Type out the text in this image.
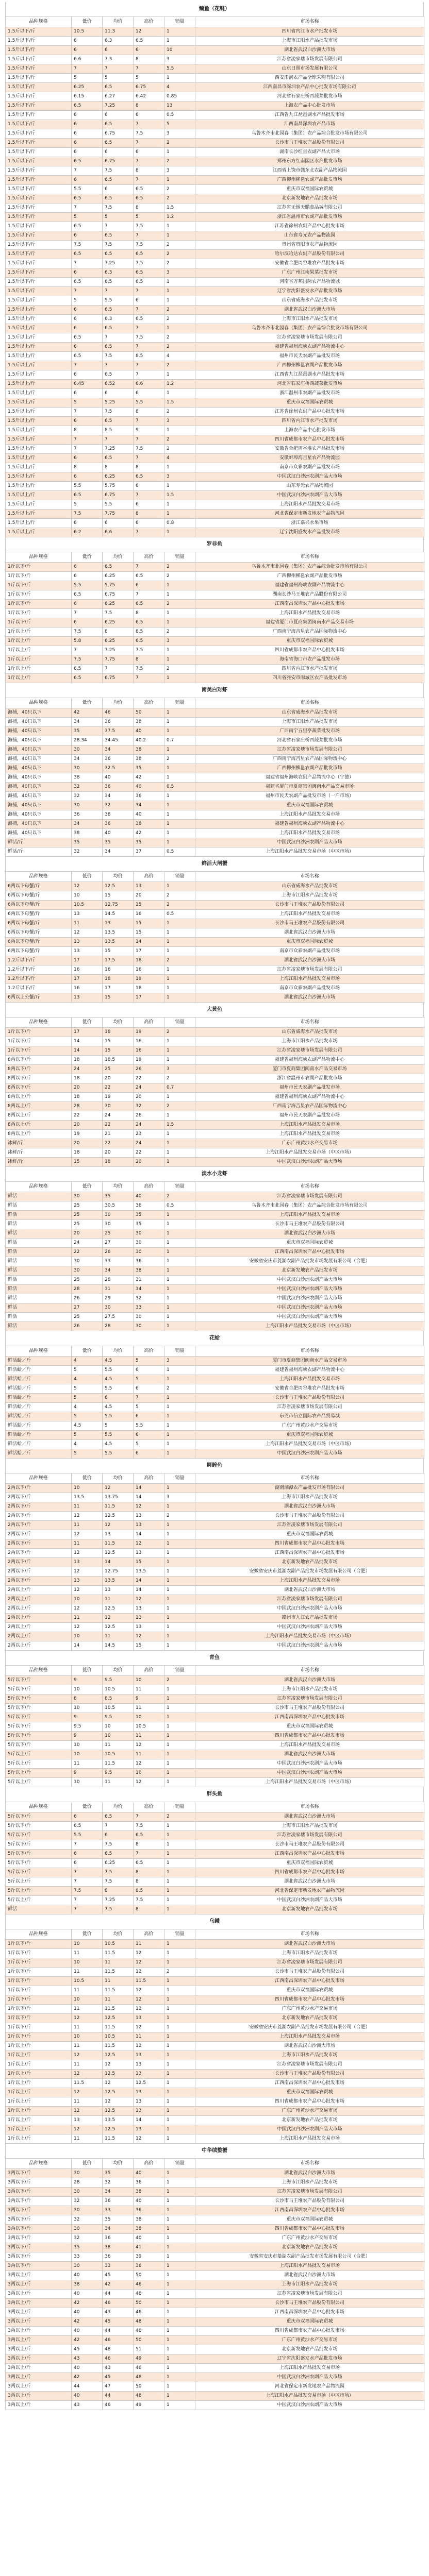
鳊鱼（花鲢）
品种规格	低价	均价	高价	销量	市场名称
1.5斤以下/斤	10.5	11.3	12	1	四川省内江市水产批发市场
1.5斤以下/斤	6	6.3	6.5	1	上海市江阳水产品批发市场
1.5斤以下/斤	6	6	6	10	湖北省武汉白沙洲大市场
1.5斤以下/斤	6.6	7.3	8	3	江苏省凌家塘市场发展有限公司
1.5斤以下/斤	7	7	7	5.5	山东日照市场发展有限公司
1.5斤以下/斤	5	5	5	1	西安雨润农产品全球采购有限公司
1.5斤以下/斤	6.25	6.5	6.75	4	江西南昌市深圳农产品中心批发市场有限公司
1.5斤以下/斤	6.15	6.27	6.42	0.85	河北省石家庄桥西蔬菜批发市场
1.5斤以下/斤	6.5	7.25	8	13	上海农产品中心批发市场
1.5斤以下/斤	6	6	6	0.5	江西省九江琵琶湖水产品批发市场
1.5斤以下/斤	6	6.5	7	5	江西南昌深圳农产品市场
1.5斤以下/斤	6	6.75	7.5	3	乌鲁木齐市北园春（集团）农产品综合批发市场有限公司
1.5斤以下/斤	6	6.5	7	2	长沙市马王堆农产品股份有限公司
1.5斤以下/斤	6	6	6	1	湖南长沙红星农副产品大市场
1.5斤以下/斤	6.5	6.75	7	2	郑州东方红南园区水产批发市场
1.5斤以下/斤	7	7.5	8	3	江西省上饶市赣东北农副产品物流园
1.5斤以下/斤	6	6.5	7	1	广西柳州柳邕农副产品批发市场
1.5斤以下/斤	5.5	6	6.5	2	重庆市双福国际农贸城
1.5斤以下/斤	6.5	6.5	6.5	2	北京新发地农产品批发市场
1.5斤以下/斤	7	7.5	8	1.5	江苏省无锡天鹏食品城有限公司
1.5斤以下/斤	5	5	5	1.2	浙江省温州市农副产品批发市场
1.5斤以下/斤	6.5	7	7.5	1	江苏省徐州农副产品中心批发市场
1.5斤以下/斤	6	6.5	7	1	山东省寿光农产品物流园
1.5斤以下/斤	7.5	7.5	7.5	2	贵州省贵阳市农产品物流园
1.5斤以下/斤	6.5	6.5	6.5	2	哈尔滨哈达农副产品股份有限公司
1.5斤以下/斤	7	7.25	7.5	2	安徽省合肥周谷堆农产品批发市场
1.5斤以下/斤	6	6.3	6.5	3	广东广州江南果菜批发市场
1.5斤以下/斤	6.5	6.5	6.5	1	河南省万邦国际农产品物流城
1.5斤以下/斤	7	7	7	1	辽宁省沈阳盛发水产品批发市场
1.5斤以上/斤	5	5.5	6	1	山东省威海水产品批发市场
1.5斤以上/斤	6	6.5	7	2	湖北省武汉白沙洲大市场
1.5斤以上/斤	6	6.3	6.5	2	上海市江阳水产品批发市场
1.5斤以上/斤	6	6.5	7	1	乌鲁木齐市北园春（集团）农产品综合批发市场有限公司
1.5斤以上/斤	6.5	7	7.5	2	江苏省凌家塘市场发展有限公司
1.5斤以上/斤	6	6.5	7	2	福建省福州海峡农副产品物流中心
1.5斤以上/斤	6.5	7.5	8.5	4	福州市民天农副产品批发市场
1.5斤以上/斤	7	7	7	2	广西柳州柳邕农副产品批发市场
1.5斤以上/斤	6	6.5	7	1	江西省九江琵琶湖水产品批发市场
1.5斤以上/斤	6.45	6.52	6.6	1.2	河北省石家庄桥西蔬菜批发市场
1.5斤以上/斤	6	6	6	1	浙江温州市农副产品批发市场
1.5斤以上/斤	5	5.25	5.5	1.5	重庆市双福国际农贸城
1.5斤以上/斤	7	7.5	8	2	江苏省徐州农副产品中心批发市场
1.5斤以上/斤	6	6.5	7	3	四川省内江市水产批发市场
1.5斤以上/斤	8	8.5	9	1	上海农产品中心批发市场
1.5斤以上/斤	7	7	7	2	四川省成都市农产品中心批发市场
1.5斤以上/斤	7	7.25	7.5	2	安徽省合肥周谷堆农产品批发市场
1.5斤以上/斤	6	6.5	7	4	安徽蚌埠海吉星农产品物流园
1.5斤以上/斤	8	8	8	1	南京市众彩农副产品批发市场
1.5斤以上/斤	6	6.25	6.5	3	中国武汉白沙洲农副产品大市场
1.5斤以上/斤	5.5	5.75	6	1	山东寿光农产品物流园
1.5斤以上/斤	6.5	6.75	7	1.5	中国武汉白沙洲农副产品大市场
1.5斤以上/斤	5	5.5	6	1	上海江阳水产品批发交易市场
1.5斤以上/斤	7.5	7.75	8	1	河北省保定市新发地农产品物流园
1.5斤以上/斤	6	6	6	0.8	浙江嘉兴水果市场
1.5斤以上/斤	6.2	6.6	7	1	辽宁沈阳盛发水产品批发市场
罗非鱼
品种规格	低价	均价	高价	销量	市场名称
1斤以下/斤	6	6.5	7	2	乌鲁木齐市北园春（集团）农产品综合批发市场有限公司
1斤以下/斤	6	6.25	6.5	2	广西柳州柳邕农副产品批发市场
1斤以下/斤	5.5	5.75	6	1	福建省福州海峡农副产品物流中心
1斤以下/斤	6.5	6.75	7	1	湖南长沙马王堆农产品股份有限公司
1斤以下/斤	6	6.25	6.5	2	江西南昌深圳农产品中心批发市场
1斤以下/斤	7	7.5	8	1	上海江阳水产品批发交易市场
1斤以下/斤	6	6.25	6.5	1	福建省厦门市夏商集团闽南水产品交易市场
1斤以上/斤	7.5	8	8.5	2	广西南宁海吉星农产品国际物流中心
1斤以上/斤	5.8	6.25	6.5	3	重庆市双福国际农贸城
1斤以上/斤	7	7.25	7.5	1	四川省成都市农产品中心批发市场
1斤以上/斤	7.5	7.75	8	1	海南省海口市农产品批发市场
1斤以上/斤	6.5	7	7.5	2	四川省内江市水产批发市场
1斤以上/斤	6.5	6.75	7	1	四川省雅安市雨城区农产品批发市场
南美白对虾
品种规格	低价	均价	高价	销量	市场名称
海捕，40只以下	42	46	50	1	山东省威海水产品批发市场
海捕，40只以下	34	36	38	1	上海市江阳水产品批发市场
海捕，40只以下	35	37.5	40	1	广西南宁五里亭蔬菜批发市场
海捕，40只以下	28.34	34.45	40.2	0.7	河北省石家庄桥西蔬菜批发市场
海捕，40只以下	30	34	38	1	江苏省凌家塘市场发展有限公司
海捕，40只以下	34	36	38	2	广西南宁海吉星农产品国际物流中心
海捕，40只以下	30	32.5	35	1	广西柳州柳邕农副产品批发市场
海捕，40只以下	38	40	42	1	福建省福州海峡农副产品物流中心（宁德）
海捕，40只以下	32	36	40	0.5	福建省厦门市夏商集团闽南水产品交易市场
海捕，40只以下	32	34	36	1	福州市民天农副产品批发市场（一户市场）
海捕，40只以下	30	32	34	1	重庆市双福国际农贸城
海捕，40只以下	36	38	40	1	上海江阳水产品批发交易市场
海捕，40只以下	34	36	38	1	福建省福州海峡农副产品物流中心
海捕，40只以下	38	40	42	1	上海江阳水产品批发交易市场
鲜活/斤	35	35	35	1	中国武汉白沙洲农副产品大市场
鲜活/斤	32	34	37	0.5	上海江阳水产品批发交易市场（中区市场）
鲜活大闸蟹
品种规格	低价	均价	高价	销量	市场名称
6两以下母蟹/斤	12	12.5	13	1	山东省威海水产品批发市场
6两以下母蟹/斤	10	15	20	2	上海市江阳水产品批发市场
6两以下母蟹/斤	10.5	12.75	15	2	长沙市马王堆农产品股份有限公司
6两以下母蟹/斤	13	14.5	16	0.5	上海江阳水产品批发交易市场
6两以下母蟹/斤	11	13	15	1	长沙市马王堆农产品股份有限公司
6两以下母蟹/斤	12	13.5	15	1	湖北省武汉白沙洲大市场
6两以下母蟹/斤	13	13.5	14	1	重庆市双福国际农贸城
6两以下母蟹/斤	13	15	17	1	南京市众彩农副产品批发市场
1.2斤以下/斤	17	17.5	18	2	湖北省武汉白沙洲大市场
1.2斤以下/斤	16	16	16	1	江苏省凌家塘市场发展有限公司
1.2斤以下/斤	17	18	19	1	上海江阳水产品批发交易市场
1.2斤以下/斤	16	17	18	1	南京市众彩农副产品批发市场
6两以上公蟹/斤	13	15	17	1	湖北省武汉白沙洲大市场
大黄鱼
品种规格	低价	均价	高价	销量	市场名称
1斤以下/斤	17	18	19	2	山东省威海水产品批发市场
1斤以下/斤	14	15	16	1	上海市江阳水产品批发市场
1斤以下/斤	14	15	16	1	江苏省凌家塘市场发展有限公司
8两以下/斤	18	18.5	19	1	福建省福州海峡农副产品物流中心
8两以下/斤	24	25	26	3	厦门市夏商集团闽南水产品交易市场
8两以下/斤	18	20	22	2	浙江省温州市农副产品批发市场
8两以下/斤	20	22	24	0.7	福州市民天农副产品批发市场
8两以上/斤	18	19	20	1	福建省福州海峡农副产品物流中心
8两以上/斤	28	30	32	2	广西南宁海吉星农产品国际物流中心
8两以上/斤	22	24	26	1	福州市民天农副产品批发市场
8两以上/斤	20	22	24	1.5	上海江阳水产品批发交易市场
8两以上/斤	19	21	23	1	上海江阳水产品批发交易市场
冰鲜/斤	20	22	24	1	广东广州黄沙水产交易市场
冰鲜/斤	18	20	22	1	上海江阳水产品批发交易市场（中区市场）
冰鲜/斤	15	18	20	1	中国武汉白沙洲农副产品大市场
淡水小龙虾
品种规格	低价	均价	高价	销量	市场名称
鲜活	30	35	40	2	江苏省凌家塘市场发展有限公司
鲜活	25	30.5	36	0.5	乌鲁木齐市北园春（集团）农产品综合批发市场有限公司
鲜活	25	30	35	1	上海江阳水产品批发交易市场
鲜活	25	30	35	1	长沙市马王堆农产品股份有限公司
鲜活	20	25	30	1	湖北省武汉白沙洲大市场
鲜活	24	27	30	1	重庆市双福国际农贸城
鲜活	22	26	30	1	江西南昌深圳农产品中心批发市场
鲜活	30	33	36	1	安徽省安庆市菱湖农副产品批发市场发展有限公司（合肥）
鲜活	30	34	38	1	北京新发地农产品批发市场
鲜活	25	28	31	1	中国武汉白沙洲农副产品大市场
鲜活	28	31	34	1	中国武汉白沙洲农副产品大市场
鲜活	26	29	32	1	中国武汉白沙洲农副产品大市场
鲜活	27	30	33	1	中国武汉白沙洲农副产品大市场
鲜活	25	27.5	30	1	中国武汉白沙洲农副产品大市场
鲜活	26	28	30	1	上海江阳水产品批发交易市场（中区市场）
花蛤
品种规格	低价	均价	高价	销量	市场名称
鲜活蛤／斤	4	4.5	5	3	厦门市夏商集团闽南水产品交易市场
鲜活蛤／斤	5	5.5	6	1	福建省福州海峡农副产品物流中心
鲜活蛤／斤	4	4.5	5	1	上海江阳水产品批发交易市场
鲜活蛤／斤	5	5.5	6	2	安徽省合肥周谷堆农产品批发市场
鲜活蛤／斤	5	6	7	1	长沙市马王堆农产品股份有限公司
鲜活蛤／斤	4	4.5	5	1	江苏省凌家塘市场发展有限公司
鲜活蛤／斤	5	5.5	6	1	东莞市信立国际农产品贸易城
鲜活蛤／斤	4.5	5	5.5	1	广东广州黄沙水产交易市场
鲜活蛤／斤	5	5.5	6	1	重庆市双福国际农贸城
鲜活蛤／斤	4	4.5	5	1	上海江阳水产品批发交易市场（中区市场）
鲜活蛤／斤	5	5.5	6	1	中国武汉白沙洲农副产品大市场
鲟鳇鱼
品种规格	低价	均价	高价	销量	市场名称
2两以下/斤	10	12	14	1	湖南湘潭农产品批发市场有限公司
2两以下/斤	13.5	13.75	14	3	上海市江阳水产品批发市场
2两以下/斤	11	11.5	12	1	湖北省武汉白沙洲大市场
2两以下/斤	12	12.5	13	2	长沙市马王堆农产品股份有限公司
2两以下/斤	11	12	13	1	江苏省凌家塘市场发展有限公司
2两以下/斤	12	13	14	1	重庆市双福国际农贸城
2两以下/斤	11	11.5	12	1	四川省成都市农产品中心批发市场
2两以下/斤	12	12.5	13	1	江西南昌深圳农产品中心批发市场
2两以下/斤	13	14	15	1	北京新发地农产品批发市场
2两以下/斤	12	12.75	13.5	1	安徽省安庆市菱湖农副产品批发市场发展有限公司（合肥）
2两以下/斤	13	13.5	14	1	上海江阳水产品批发交易市场
2两以上/斤	12	13	14	1	湖北省武汉白沙洲大市场
2两以上/斤	10	11	12	1	江苏省凌家塘市场发展有限公司
2两以上/斤	12	12.5	13	1	中国武汉白沙洲农副产品大市场
2两以上/斤	11	12	13	1	赣州市九江农产品批发市场
2两以上/斤	12	12.5	13	1	中国武汉白沙洲农副产品大市场
2两以上/斤	10	11	12	1	上海江阳水产品批发交易市场（中区市场）
2两以上/斤	14	14.5	15	1	中国武汉白沙洲农副产品大市场
青鱼
品种规格	低价	均价	高价	销量	市场名称
5斤以下/斤	9	9.5	10	2	湖北省武汉白沙洲大市场
5斤以下/斤	10	10.5	11	1	上海市江阳水产品批发市场
5斤以下/斤	8	8.5	9	1	江苏省凌家塘市场发展有限公司
5斤以下/斤	10	10.5	11	1	长沙市马王堆农产品股份有限公司
5斤以下/斤	9	9.5	10	1	江西南昌深圳农产品中心批发市场
5斤以下/斤	9.5	10	10.5	1	重庆市双福国际农贸城
5斤以下/斤	9	10	11	1	四川省成都市农产品中心批发市场
5斤以下/斤	10	11	12	1	上海江阳水产品批发交易市场
5斤以上/斤	10	10.5	11	1	湖北省武汉白沙洲大市场
5斤以上/斤	11	11.5	12	1	中国武汉白沙洲农副产品大市场
5斤以上/斤	9	9.5	10	1	中国武汉白沙洲农副产品大市场
5斤以上/斤	10	11	12	1	上海江阳水产品批发交易市场（中区市场）
胖头鱼
品种规格	低价	均价	高价	销量	市场名称
5斤以下/斤	6	6.5	7	2	湖北省武汉白沙洲大市场
5斤以下/斤	6.5	7	7.5	1	上海市江阳水产品批发市场
5斤以下/斤	5.5	6	6.5	1	江苏省凌家塘市场发展有限公司
5斤以下/斤	7	7.5	8	1	长沙市马王堆农产品股份有限公司
5斤以下/斤	6	6.5	7	1	江西南昌深圳农产品中心批发市场
5斤以下/斤	6	6.25	6.5	1	重庆市双福国际农贸城
5斤以下/斤	7	7.5	8	1	四川省成都市农产品中心批发市场
5斤以上/斤	7	7.5	8	1	湖北省武汉白沙洲大市场
5斤以上/斤	7.5	8	8.5	1	河北省保定市新发地农产品物流园
5斤以上/斤	7	7.25	7.5	1	中国武汉白沙洲农副产品大市场
鲜活	7	7.5	8	1	北京新发地农产品批发市场
乌鳢
品种规格	低价	均价	高价	销量	市场名称
1斤以下/斤	10	10.5	11	1	湖北省武汉白沙洲大市场
1斤以下/斤	11	11.5	12	1	上海市江阳水产品批发市场
1斤以下/斤	10	11	12	1	江苏省凌家塘市场发展有限公司
1斤以下/斤	11	11.5	12	2	长沙市马王堆农产品股份有限公司
1斤以下/斤	10.5	11	11.5	1	江西南昌深圳农产品中心批发市场
1斤以下/斤	11	11.5	12	1	重庆市双福国际农贸城
1斤以下/斤	10	11	12	1	四川省成都市农产品中心批发市场
1斤以下/斤	11	11.5	12	1	广东广州黄沙水产交易市场
1斤以下/斤	12	12.5	13	1	北京新发地农产品批发市场
1斤以下/斤	11	11.5	12	1	安徽省安庆市菱湖农副产品批发市场发展有限公司（合肥）
1斤以下/斤	10	10.5	11	1	上海江阳水产品批发交易市场
1斤以上/斤	11	11.5	12	1	湖北省武汉白沙洲大市场
1斤以上/斤	12	12.5	13	1	上海市江阳水产品批发市场
1斤以上/斤	11	12	13	1	江苏省凌家塘市场发展有限公司
1斤以上/斤	12	12.5	13	1	长沙市马王堆农产品股份有限公司
1斤以上/斤	11.5	12	12.5	1	江西南昌深圳农产品中心批发市场
1斤以上/斤	12	12.5	13	1	重庆市双福国际农贸城
1斤以上/斤	11	12	13	1	四川省成都市农产品中心批发市场
1斤以上/斤	12	12.5	13	1	广东广州黄沙水产交易市场
1斤以上/斤	13	13.5	14	1	北京新发地农产品批发市场
1斤以上/斤	12	12.5	13	1	中国武汉白沙洲农副产品大市场
1斤以上/斤	11	11.5	12	1	上海江阳水产品批发交易市场
中华绒螯蟹
品种规格	低价	均价	高价	销量	市场名称
3两以下/斤	30	35	40	1	湖北省武汉白沙洲大市场
3两以下/斤	28	32	36	1	上海市江阳水产品批发市场
3两以下/斤	30	34	38	1	江苏省凌家塘市场发展有限公司
3两以下/斤	32	36	40	1	长沙市马王堆农产品股份有限公司
3两以下/斤	30	33	36	1	江西南昌深圳农产品中心批发市场
3两以下/斤	32	35	38	1	重庆市双福国际农贸城
3两以下/斤	30	34	38	1	四川省成都市农产品中心批发市场
3两以下/斤	32	36	40	1	广东广州黄沙水产交易市场
3两以下/斤	35	38	41	1	北京新发地农产品批发市场
3两以下/斤	33	36	39	1	安徽省安庆市菱湖农副产品批发市场发展有限公司（合肥）
3两以下/斤	30	33	36	1	上海江阳水产品批发交易市场
3两以上/斤	40	45	50	1	湖北省武汉白沙洲大市场
3两以上/斤	38	42	46	1	上海市江阳水产品批发市场
3两以上/斤	40	44	48	1	江苏省凌家塘市场发展有限公司
3两以上/斤	42	46	50	1	长沙市马王堆农产品股份有限公司
3两以上/斤	40	43	46	1	江西南昌深圳农产品中心批发市场
3两以上/斤	42	45	48	1	重庆市双福国际农贸城
3两以上/斤	40	44	48	1	四川省成都市农产品中心批发市场
3两以上/斤	42	46	50	1	广东广州黄沙水产交易市场
3两以上/斤	45	48	51	1	北京新发地农产品批发市场
3两以上/斤	43	46	49	1	辽宁省沈阳盛发水产品批发市场
3两以上/斤	40	43	46	1	上海江阳水产品批发交易市场
3两以上/斤	42	45	48	1	中国武汉白沙洲农副产品大市场
3两以上/斤	44	47	50	1	河北省保定市新发地农产品物流园
3两以上/斤	40	44	48	1	上海江阳水产品批发交易市场（中区市场）
3两以上/斤	43	46	49	1	中国武汉白沙洲农副产品大市场
